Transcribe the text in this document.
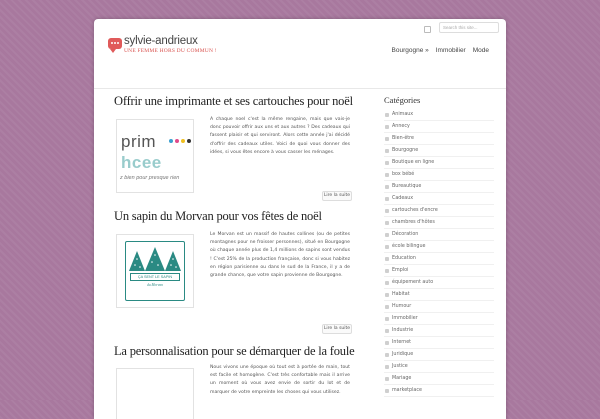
sylvie-andrieux
UNE FEMME HORS DU COMMUN !
Search this site...
Bourgogne » Immobilier Mode
Offrir une imprimante et ses cartouches pour noël
prim
hcee
z bien pour presque rien
A chaque noel c'est la même rengaine, mais que vais-je donc pouvoir offrir aux uns et aux autres ? Des cadeaux qui fassent plaisir et qui serviront. Alors cette année j'ai décidé d'offrir des cadeaux utiles. Voici de quoi vous donner des idées, si vous êtes encore à vous casser les ménages.
Lire la suite
Un sapin du Morvan pour vos fêtes de noël
ÇA SENT LE SAPIN
du Morvan
Le Morvan est un massif de hautes collines (ou de petites montagnes pour ne froisser personnes), situé en Bourgogne où chaque année plus de 1,4 millions de sapins sont vendus ! C'est 25% de la production française, donc si vous habitez en région parisienne ou dans le sud de la France, il y a de grande chance, que votre sapin provienne de Bourgogne.
Lire la suite
La personnalisation pour se démarquer de la foule
Nous vivons une époque où tout est à portée de main, tout est facile et homogène. C'est très confortable mais il arrive un moment où vous avez envie de sortir du lot et de marquer de votre empreinte les choses qui vous utilisez.
Catégories
Animaux
Annecy
Bien-être
Bourgogne
Boutique en ligne
box bébé
Bureautique
Cadeaux
cartouches d'encre
chambres d'hôtes
Décoration
école bilingue
Education
Emploi
équipement auto
Habitat
Humour
Immobilier
Industrie
Internet
Juridique
Justice
Mariage
marketplace
